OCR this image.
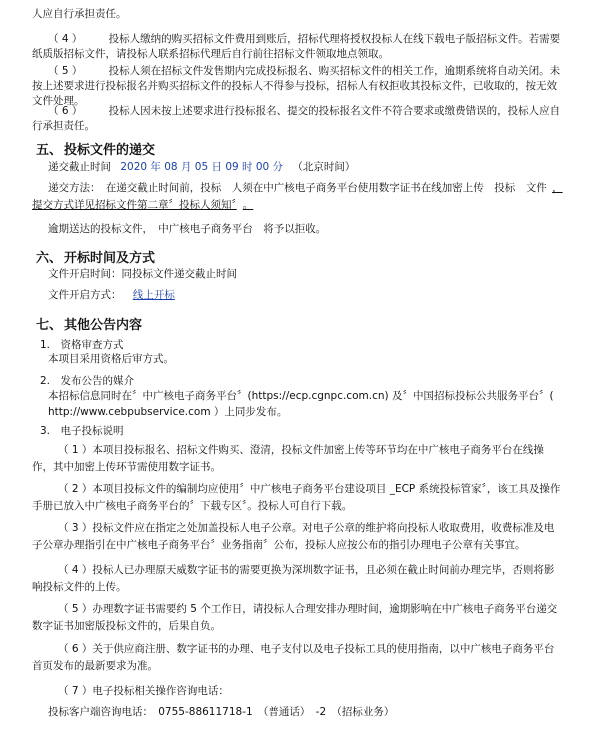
人应自行承担责任。

（ 4 ）　　　投标人缴纳的购买招标文件费用到账后，招标代理将授权投标人在线下载电子版招标文件。若需要纸质版招标文件，请投标人联系招标代理后自行前往招标文件领取地点领取。

（ 5 ）　　　投标人须在招标文件发售期内完成投标报名、购买招标文件的相关工作，逾期系统将自动关闭。未按上述要求进行投标报名并购买招标文件的投标人不得参与投标，招标人有权拒收其投标文件，已收取的，按无效文件处理。

（ 6 ）　　　投标人因未按上述要求进行投标报名、提交的投标报名文件不符合要求或缴费错误的，投标人应自行承担责任。

五、 投标文件的递交

递交截止时间 2020 年 08 月 05 日 09 时 00 分 （北京时间）

递交方法：　在递交截止时间前，投标　人须在中广核电子商务平台使用数字证书在线加密上传　投标　文件 ，

提交方式详见招标文件第二章〞投标人须知〞 。

逾期送达的投标文件，　中广核电子商务平台　将予以拒收。

六、 开标时间及方式

文件开启时间：同投标文件递交截止时间

文件开启方式： 线上开标

七、 其他公告内容

1.　资格审查方式

本项目采用资格后审方式。

2.　发布公告的媒介

本招标信息同时在〞中广核电子商务平台〞(https://ecp.cgnpc.com.cn) 及〞中国招标投标公共服务平台〞( http://www.cebpubservice.com ）上同步发布。

3.　电子投标说明

（ 1 ）本项目投标报名、招标文件购买、澄清，投标文件加密上传等环节均在中广核电子商务平台在线操作，其中加密上传环节需使用数字证书。

（ 2 ）本项目投标文件的编制均应使用〞中广核电子商务平台建设项目 _ECP 系统投标管家〞，该工具及操作手册已放入中广核电子商务平台的〞下载专区〞。投标人可自行下载。

（ 3 ）投标文件应在指定之处加盖投标人电子公章。对电子公章的维护将向投标人收取费用，收费标准及电子公章办理指引在中广核电子商务平台〞业务指南〞公布，投标人应按公布的指引办理电子公章有关事宜。

（ 4 ）投标人已办理原天威数字证书的需要更换为深圳数字证书，且必须在截止时间前办理完毕，否则将影响投标文件的上传。

（ 5 ）办理数字证书需要约 5 个工作日，请投标人合理安排办理时间，逾期影响在中广核电子商务平台递交数字证书加密版投标文件的，后果自负。

（ 6 ）关于供应商注册、数字证书的办理、电子支付以及电子投标工具的使用指南，以中广核电子商务平台首页发布的最新要求为准。

（ 7 ）电子投标相关操作咨询电话：

投标客户端咨询电话：　0755-88611718-1　（普通话）　-2　（招标业务）
